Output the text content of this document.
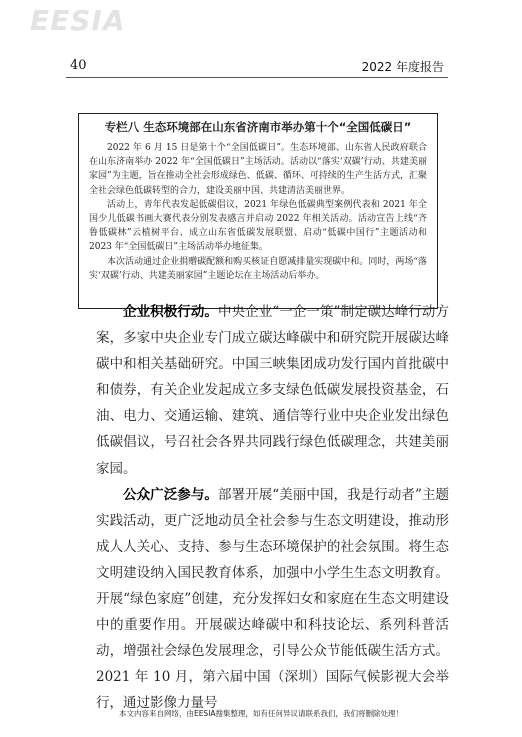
EESIA
40	2022 年度报告
专栏八 生态环境部在山东省济南市举办第十个“全国低碳日”

2022 年 6 月 15 日是第十个“全国低碳日”。生态环境部、山东省人民政府联合在山东济南举办 2022 年“全国低碳日”主场活动。活动以“落实‘双碳’行动、共建美丽家园”为主题，旨在推动全社会形成绿色、低碳、循环、可持续的生产生活方式，汇聚全社会绿色低碳转型的合力，建设美丽中国、共建清洁美丽世界。

活动上，青年代表发起低碳倡议，2021 年绿色低碳典型案例代表和 2021 年全国少儿低碳书画大赛代表分别发表感言并启动 2022 年相关活动。活动宣告上线“齐鲁低碳林”云植树平台、成立山东省低碳发展联盟、启动“低碳中国行”主题活动和 2023 年“全国低碳日”主场活动举办地征集。

本次活动通过企业捐赠碳配额和购买核证自愿减排量实现碳中和。同时，两场“落实‘双碳’行动、共建美丽家园”主题论坛在主场活动后举办。

企业积极行动。中央企业“一企一策”制定碳达峰行动方案，多家中央企业专门成立碳达峰碳中和研究院开展碳达峰碳中和相关基础研究。中国三峡集团成功发行国内首批碳中和债券，有关企业发起成立多支绿色低碳发展投资基金，石油、电力、交通运输、建筑、通信等行业中央企业发出绿色低碳倡议，号召社会各界共同践行绿色低碳理念，共建美丽家园。

公众广泛参与。部署开展“美丽中国，我是行动者”主题实践活动，更广泛地动员全社会参与生态文明建设，推动形成人人关心、支持、参与生态环境保护的社会氛围。将生态文明建设纳入国民教育体系，加强中小学生生态文明教育。开展“绿色家庭”创建，充分发挥妇女和家庭在生态文明建设中的重要作用。开展碳达峰碳中和科技论坛、系列科普活动，增强社会绿色发展理念，引导公众节能低碳生活方式。2021 年 10 月，第六届中国（深圳）国际气候影视大会举行，通过影像力量号

本文内容来自网络，由EESIA搜集整理，如有任何异议请联系我们，我们将删除处理！
